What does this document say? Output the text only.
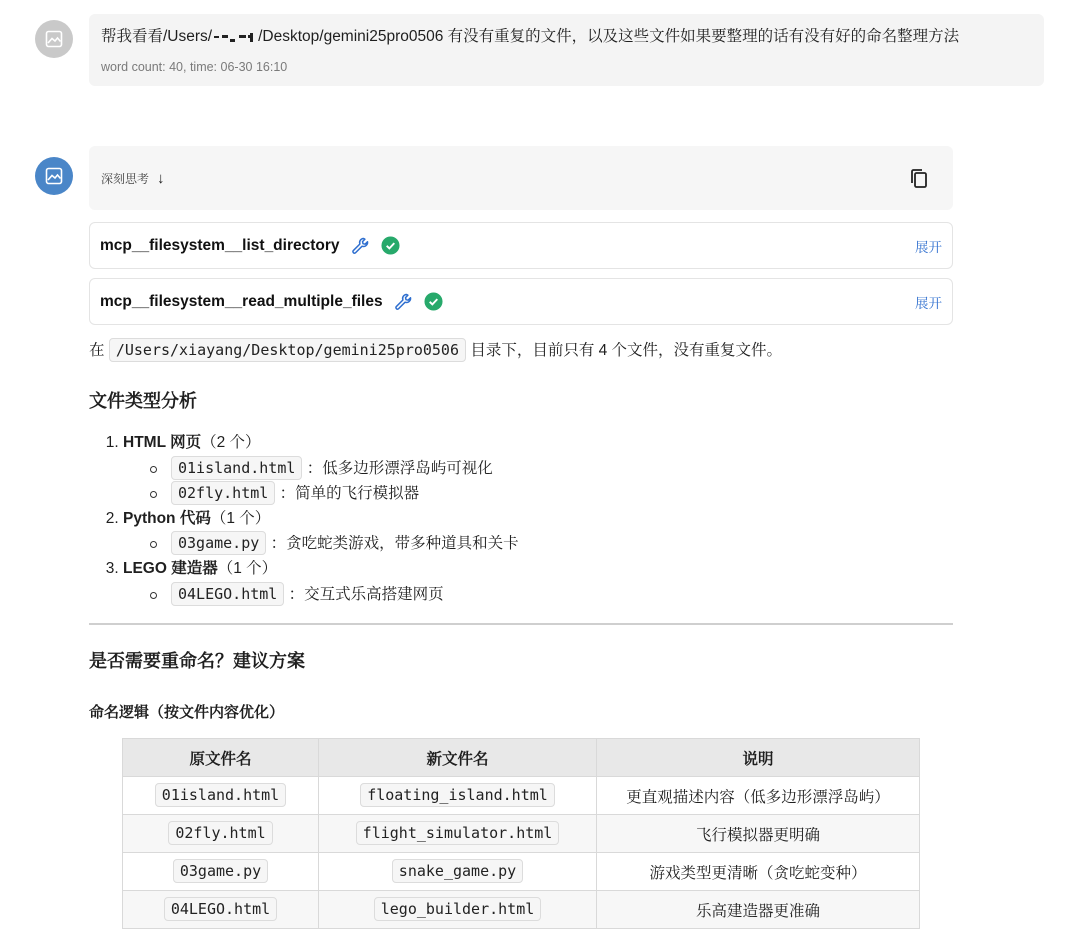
帮我看看/Users/	/Desktop/gemini25pro0506 有没有重复的文件，以及这些文件如果要整理的话有没有好的命名整理方法
word count: 40, time: 06-30 16:10
深刻思考 ↓
mcp__filesystem__list_directory	展开
mcp__filesystem__read_multiple_files	展开

在 /Users/xiayang/Desktop/gemini25pro0506 目录下，目前只有 4 个文件，没有重复文件。

文件类型分析
1. HTML 网页（2 个）
01island.html ：低多边形漂浮岛屿可视化
02fly.html ：简单的飞行模拟器
2. Python 代码（1 个）
03game.py ：贪吃蛇类游戏，带多种道具和关卡
3. LEGO 建造器（1 个）
04LEGO.html ：交互式乐高搭建网页
是否需要重命名？建议方案
命名逻辑（按文件内容优化）
原文件名	新文件名	说明
01island.html	floating_island.html	更直观描述内容（低多边形漂浮岛屿）
02fly.html	flight_simulator.html	飞行模拟器更明确
03game.py	snake_game.py	游戏类型更清晰（贪吃蛇变种）
04LEGO.html	lego_builder.html	乐高建造器更准确
